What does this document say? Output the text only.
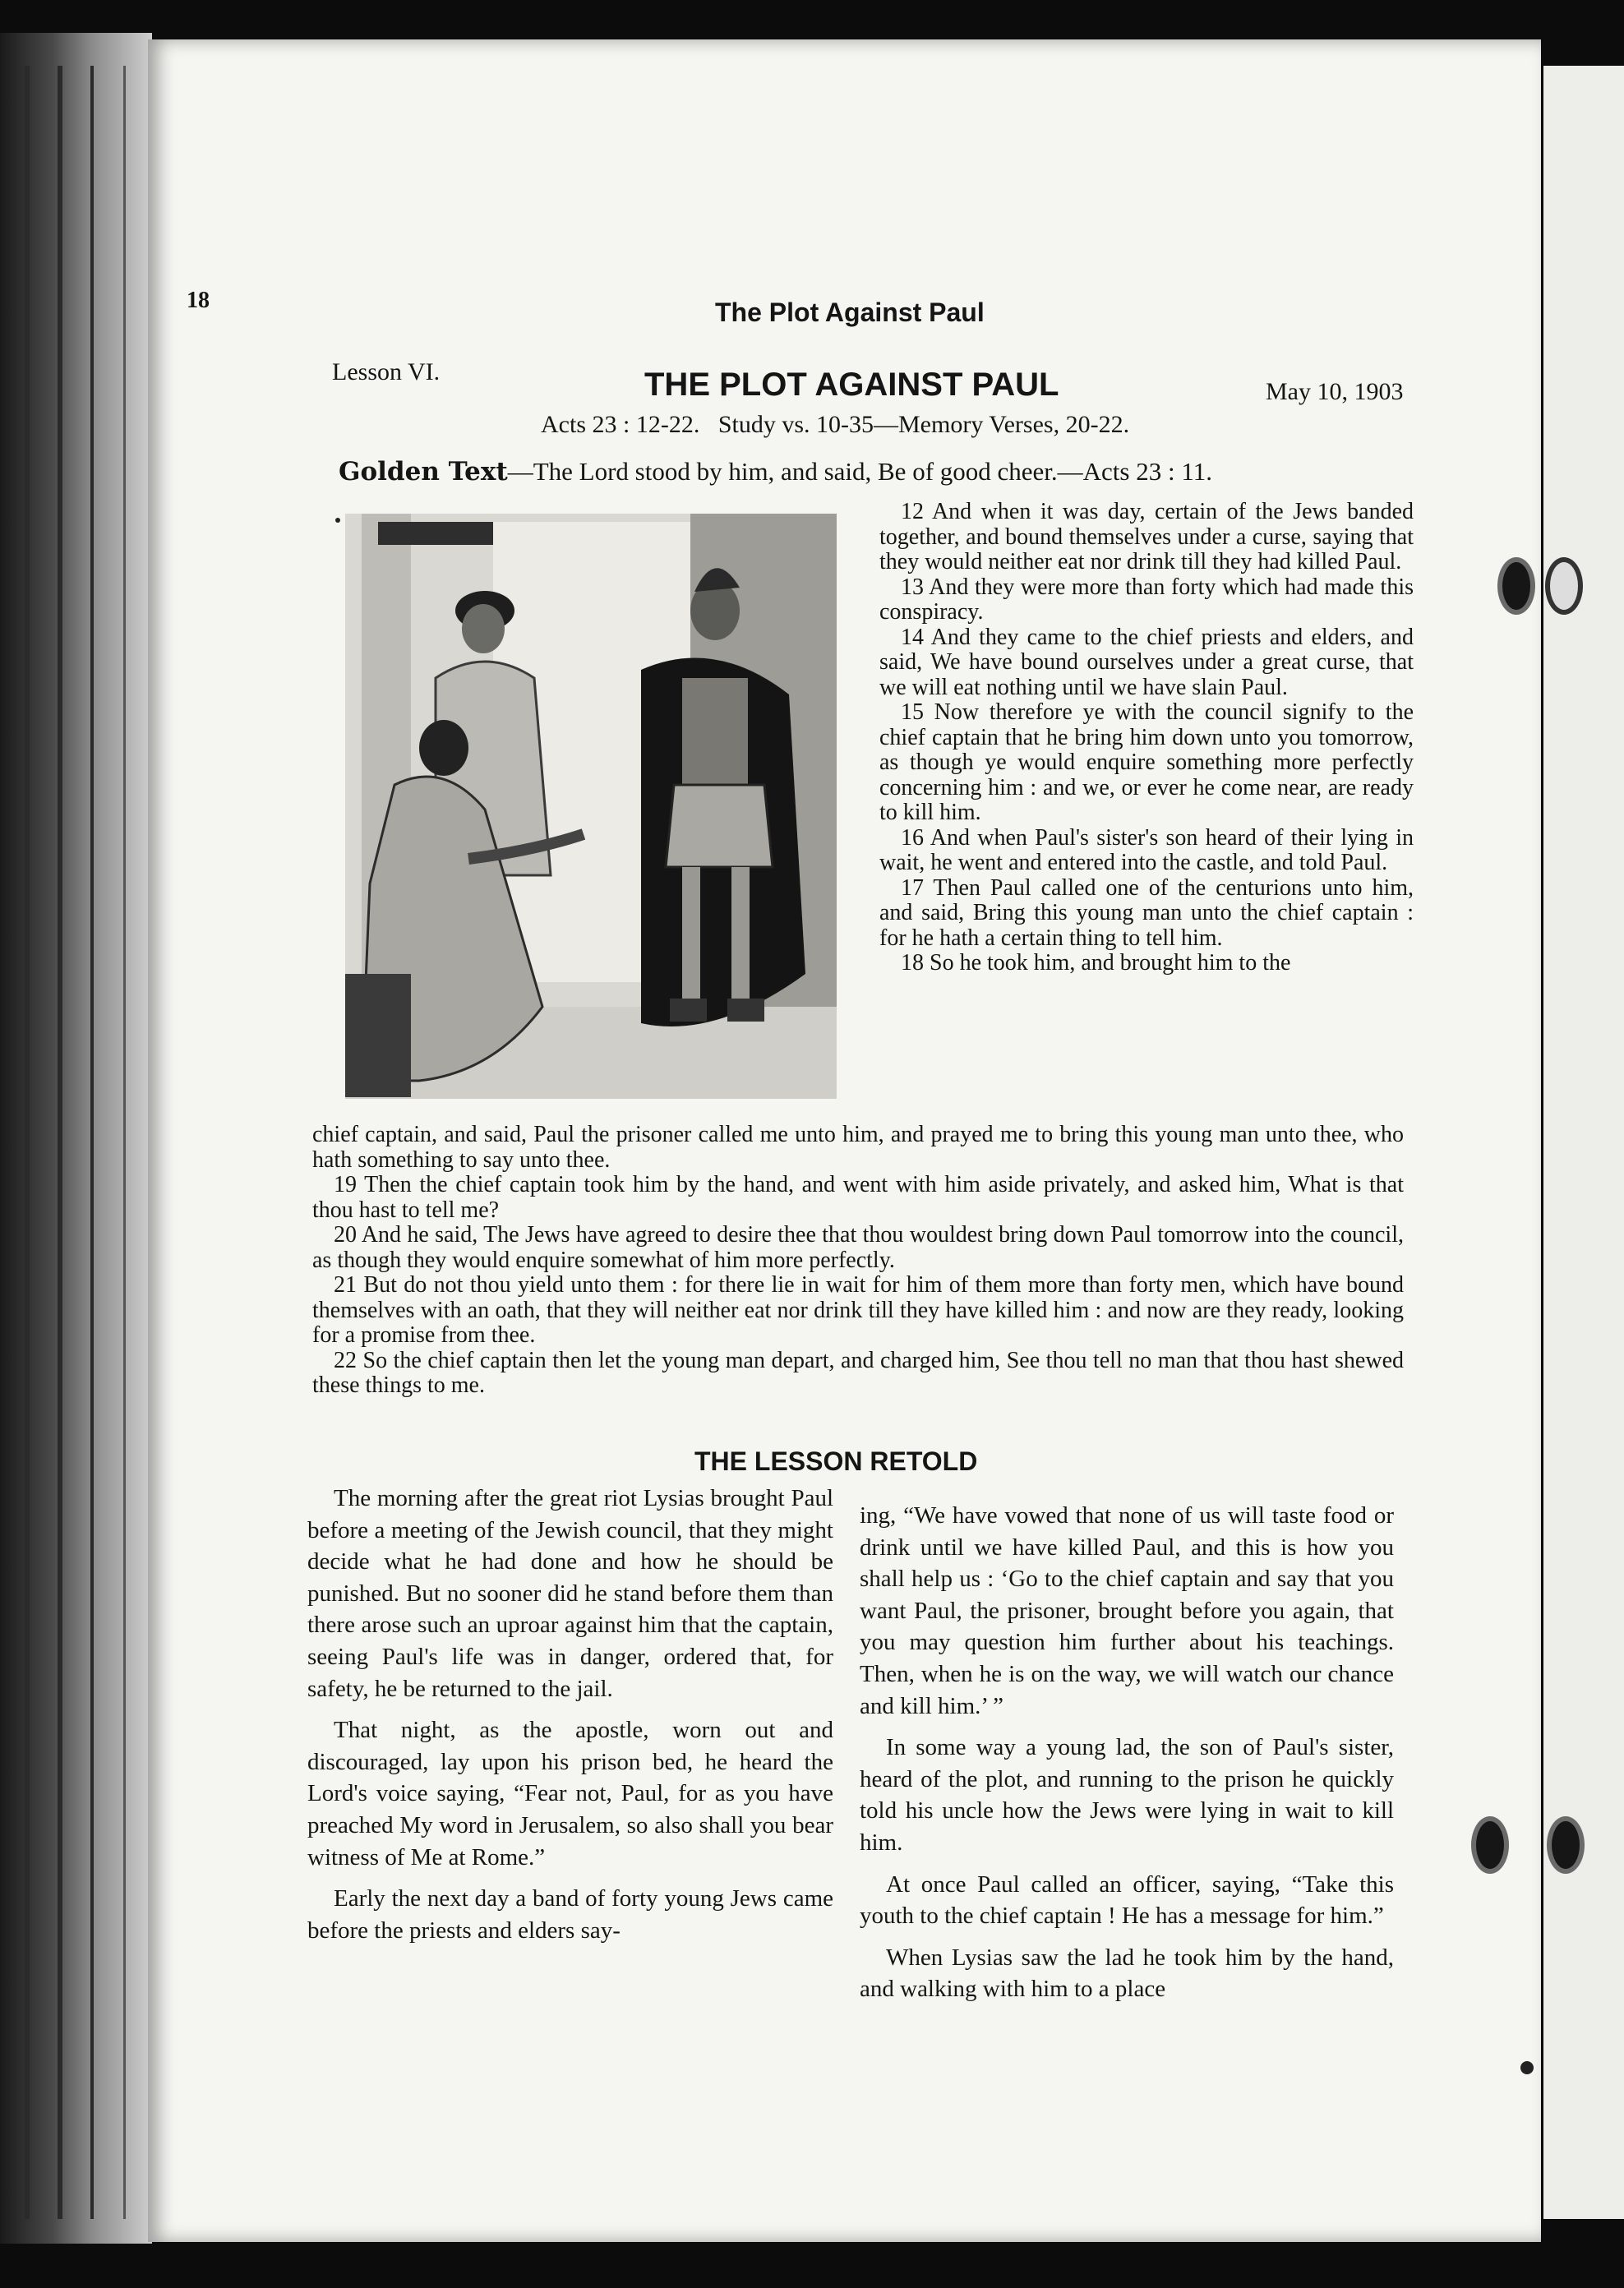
18	The Plot Against Paul
Lesson VI.	THE PLOT AGAINST PAUL	May 10, 1903
Acts 23 : 12-22.   Study vs. 10-35—Memory Verses, 20-22.
Golden Text—The Lord stood by him, and said, Be of good cheer.—Acts 23 : 11.

12 And when it was day, certain of the Jews banded together, and bound themselves under a curse, saying that they would neither eat nor drink till they had killed Paul.

13 And they were more than forty which had made this conspiracy.

14 And they came to the chief priests and elders, and said, We have bound ourselves under a great curse, that we will eat nothing until we have slain Paul.

15 Now therefore ye with the council signify to the chief captain that he bring him down unto you tomorrow, as though ye would enquire something more perfectly concerning him : and we, or ever he come near, are ready to kill him.

16 And when Paul's sister's son heard of their lying in wait, he went and entered into the castle, and told Paul.

17 Then Paul called one of the centurions unto him, and said, Bring this young man unto the chief captain : for he hath a certain thing to tell him.

18 So he took him, and brought him to the

chief captain, and said, Paul the prisoner called me unto him, and prayed me to bring this young man unto thee, who hath something to say unto thee.

19 Then the chief captain took him by the hand, and went with him aside privately, and asked him, What is that thou hast to tell me?

20 And he said, The Jews have agreed to desire thee that thou wouldest bring down Paul tomorrow into the council, as though they would enquire somewhat of him more perfectly.

21 But do not thou yield unto them : for there lie in wait for him of them more than forty men, which have bound themselves with an oath, that they will neither eat nor drink till they have killed him : and now are they ready, looking for a promise from thee.

22 So the chief captain then let the young man depart, and charged him, See thou tell no man that thou hast shewed these things to me.

THE LESSON RETOLD

The morning after the great riot Lysias brought Paul before a meeting of the Jewish council, that they might decide what he had done and how he should be punished. But no sooner did he stand before them than there arose such an uproar against him that the captain, seeing Paul's life was in danger, ordered that, for safety, he be returned to the jail.

That night, as the apostle, worn out and discouraged, lay upon his prison bed, he heard the Lord's voice saying, “Fear not, Paul, for as you have preached My word in Jerusalem, so also shall you bear witness of Me at Rome.”

Early the next day a band of forty young Jews came before the priests and elders say-

ing, “We have vowed that none of us will taste food or drink until we have killed Paul, and this is how you shall help us : ‘Go to the chief captain and say that you want Paul, the prisoner, brought before you again, that you may question him further about his teachings. Then, when he is on the way, we will watch our chance and kill him.’ ”

In some way a young lad, the son of Paul's sister, heard of the plot, and running to the prison he quickly told his uncle how the Jews were lying in wait to kill him.

At once Paul called an officer, saying, “Take this youth to the chief captain ! He has a message for him.”

When Lysias saw the lad he took him by the hand, and walking with him to a place
